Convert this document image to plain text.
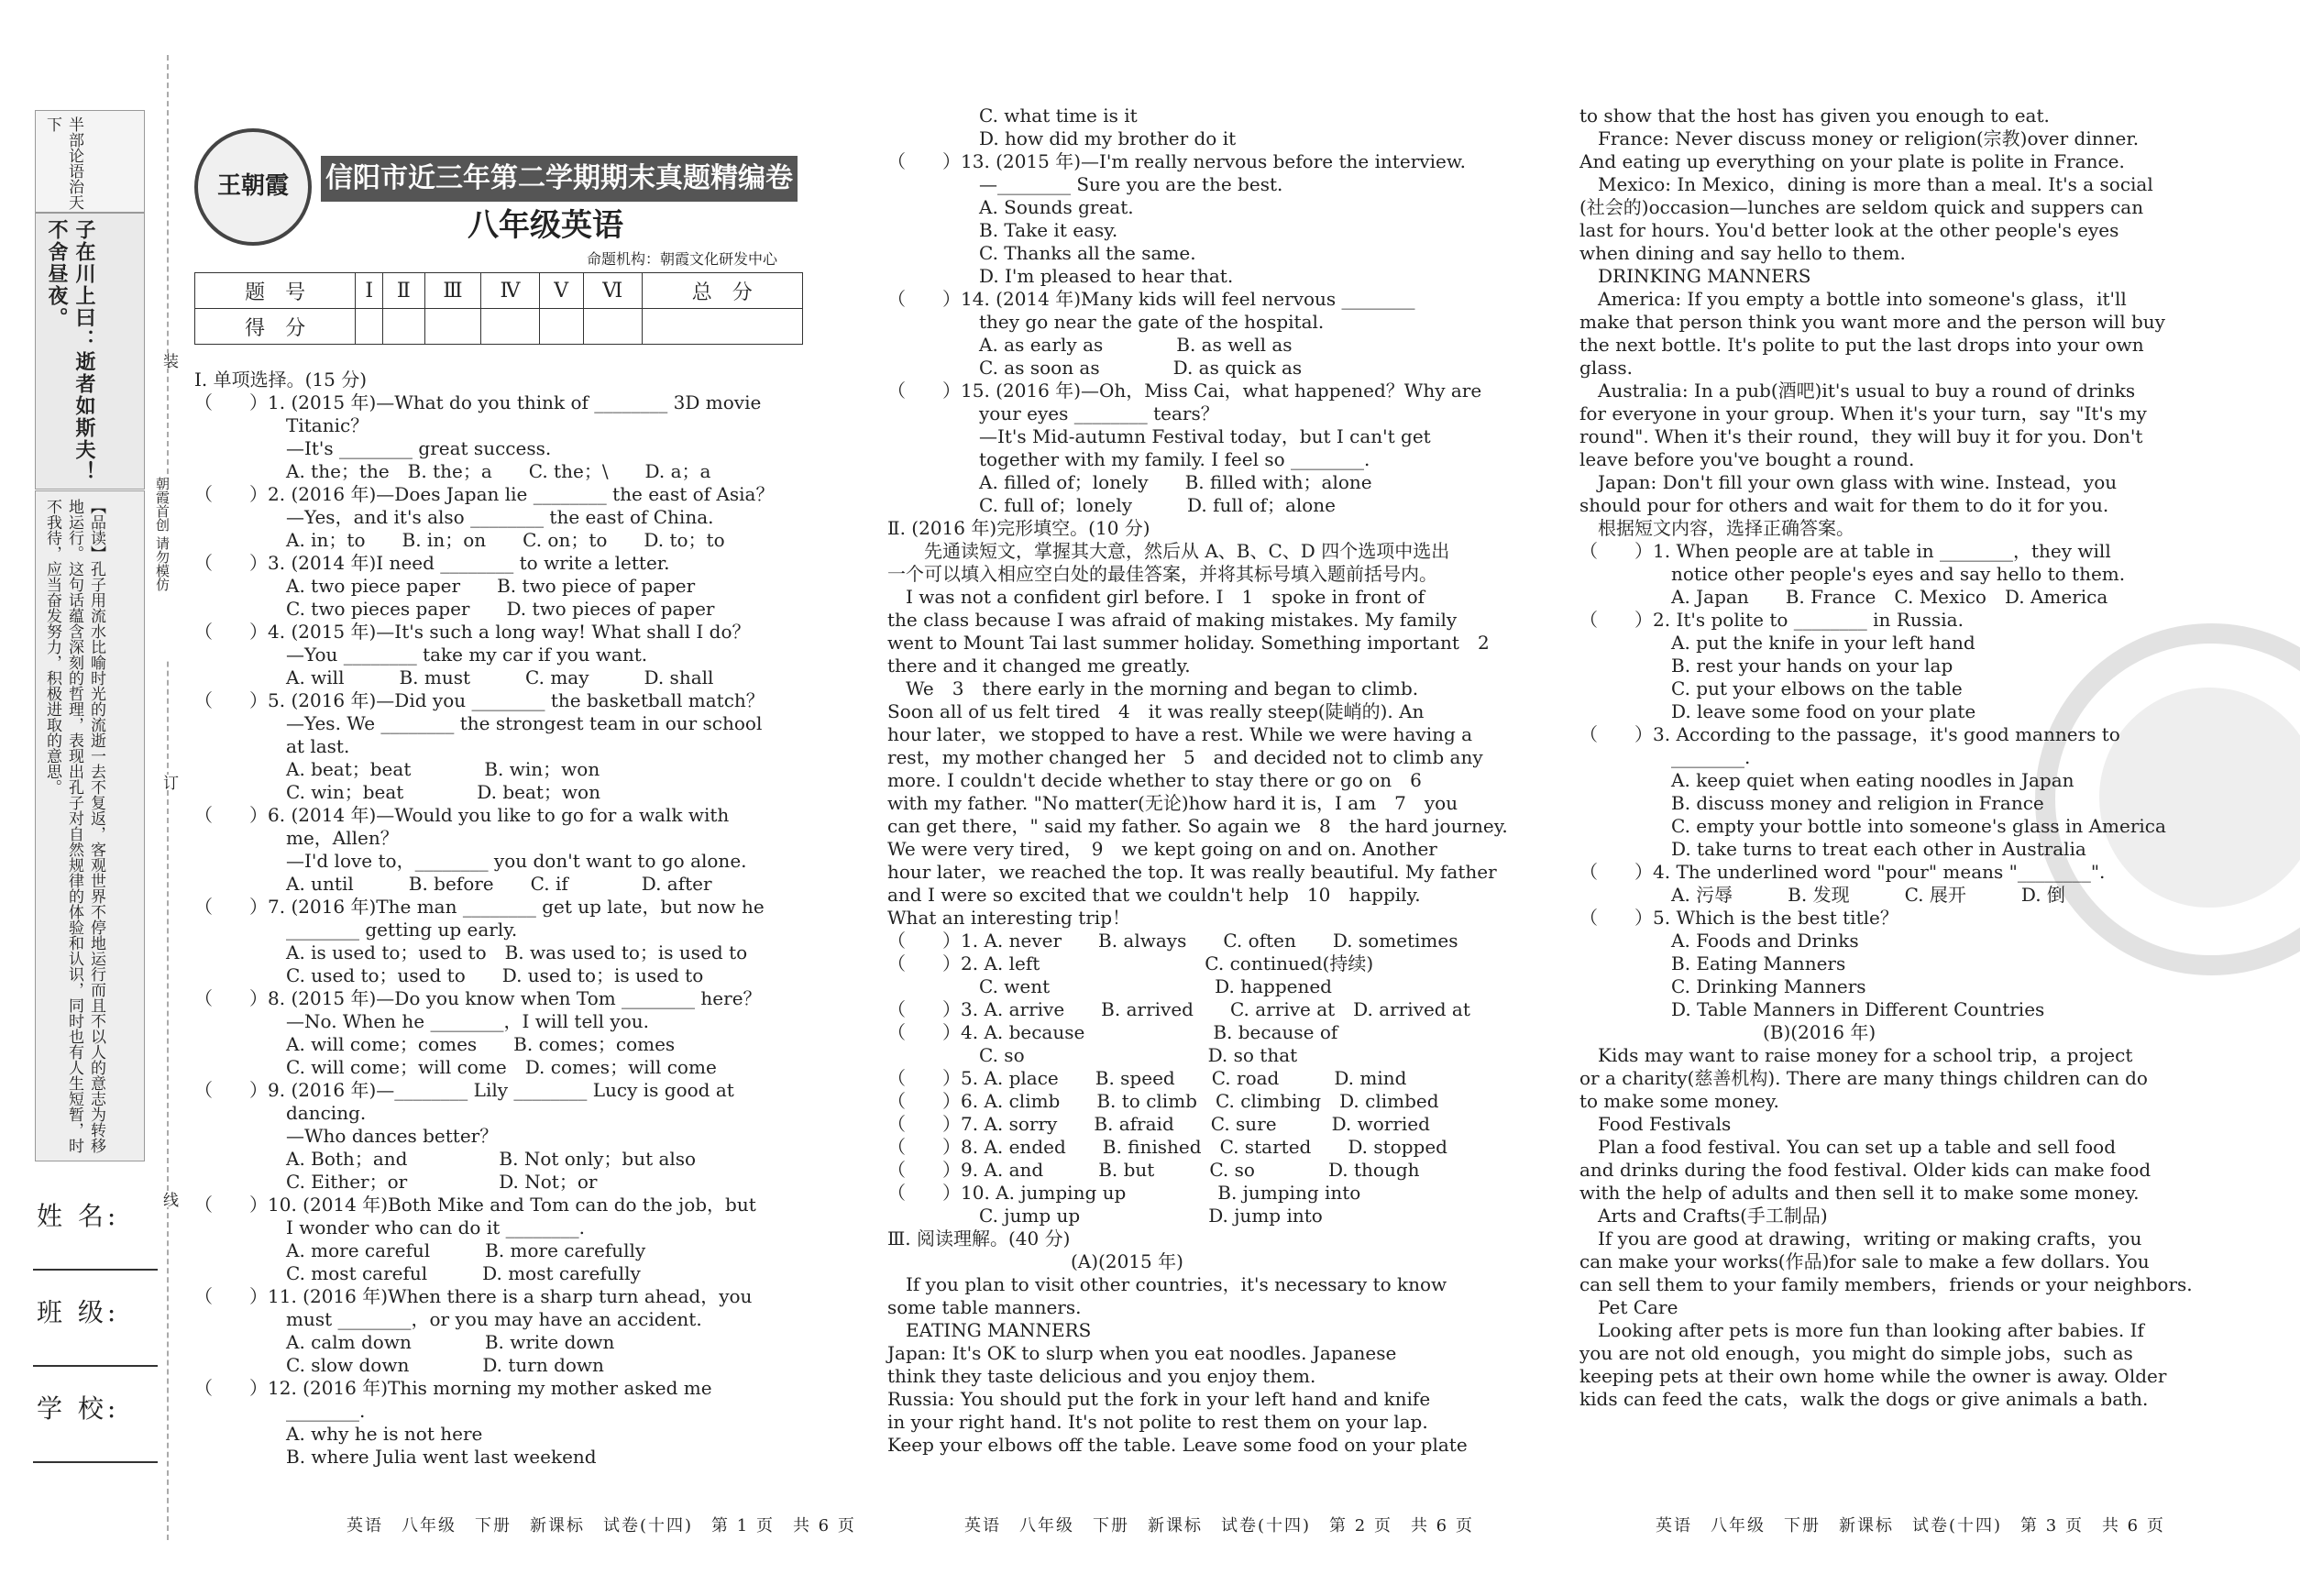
半部论语治天下
子在川上曰：逝者如斯夫！不舍昼夜。
【品读】孔子用流水比喻时光的流逝一去不复返，客观世界不停地运行而且不以人的意志为转移地运行。这句话蕴含深刻的哲理，表现出孔子对自然规律的体验和认识，同时也有人生短暂，时不我待，应当奋发努力，积极进取的意思。
姓 名:
班 级:
学 校:
装
朝霞首创 请勿模仿
订
线
王朝霞	信阳市近三年第二学期期末真题精编卷
八年级英语
命题机构：朝霞文化研发中心
题　号	Ⅰ	Ⅱ	Ⅲ	Ⅳ	Ⅴ	Ⅵ	总　分
得　分							

Ⅰ. 单项选择。(15 分)

（　　）1. (2015 年)—What do you think of ________ 3D movie

　　　　　Titanic？

　　　　　—It's ________ great success.

　　　　　A. the；the　B. the；a　　C. the；\　　D. a；a

（　　）2. (2016 年)—Does Japan lie ________ the east of Asia？

　　　　　—Yes，and it's also ________ the east of China.

　　　　　A. in；to　　B. in；on　　C. on；to　　D. to；to

（　　）3. (2014 年)I need ________ to write a letter.

　　　　　A. two piece paper　　B. two piece of paper

　　　　　C. two pieces paper　　D. two pieces of paper

（　　）4. (2015 年)—It's such a long way! What shall I do？

　　　　　—You ________ take my car if you want.

　　　　　A. will　　　B. must　　　C. may　　　D. shall

（　　）5. (2016 年)—Did you ________ the basketball match？

　　　　　—Yes. We ________ the strongest team in our school

　　　　　at last.

　　　　　A. beat；beat　　　　B. win；won

　　　　　C. win；beat　　　　D. beat；won

（　　）6. (2014 年)—Would you like to go for a walk with

　　　　　me，Allen？

　　　　　—I'd love to，________ you don't want to go alone.

　　　　　A. until　　　B. before　　C. if　　　　D. after

（　　）7. (2016 年)The man ________ get up late，but now he

　　　　　________ getting up early.

　　　　　A. is used to；used to　B. was used to；is used to

　　　　　C. used to；used to　　D. used to；is used to

（　　）8. (2015 年)—Do you know when Tom ________ here？

　　　　　—No. When he ________，I will tell you.

　　　　　A. will come；comes　　B. comes；comes

　　　　　C. will come；will come　D. comes；will come

（　　）9. (2016 年)—________ Lily ________ Lucy is good at

　　　　　dancing.

　　　　　—Who dances better？

　　　　　A. Both；and　　　　　B. Not only；but also

　　　　　C. Either；or　　　　　D. Not；or

（　　）10. (2014 年)Both Mike and Tom can do the job，but

　　　　　I wonder who can do it ________.

　　　　　A. more careful　　　B. more carefully

　　　　　C. most careful　　　D. most carefully

（　　）11. (2016 年)When there is a sharp turn ahead，you

　　　　　must ________，or you may have an accident.

　　　　　A. calm down　　　　B. write down

　　　　　C. slow down　　　　D. turn down

（　　）12. (2016 年)This morning my mother asked me

　　　　　________.

　　　　　A. why he is not here

　　　　　B. where Julia went last weekend

　　　　　C. what time is it

　　　　　D. how did my brother do it

（　　）13. (2015 年)—I'm really nervous before the interview.

　　　　　—________ Sure you are the best.

　　　　　A. Sounds great.

　　　　　B. Take it easy.

　　　　　C. Thanks all the same.

　　　　　D. I'm pleased to hear that.

（　　）14. (2014 年)Many kids will feel nervous ________

　　　　　they go near the gate of the hospital.

　　　　　A. as early as　　　　B. as well as

　　　　　C. as soon as　　　　D. as quick as

（　　）15. (2016 年)—Oh，Miss Cai，what happened？Why are

　　　　　your eyes ________ tears？

　　　　　—It's Mid-autumn Festival today，but I can't get

　　　　　together with my family. I feel so ________.

　　　　　A. filled of；lonely　　B. filled with；alone

　　　　　C. full of；lonely　　　D. full of；alone

Ⅱ. (2016 年)完形填空。(10 分)

　　先通读短文，掌握其大意，然后从 A、B、C、D 四个选项中选出

一个可以填入相应空白处的最佳答案，并将其标号填入题前括号内。

　I was not a confident girl before. I　1　spoke in front of

the class because I was afraid of making mistakes. My family

went to Mount Tai last summer holiday. Something important　2

there and it changed me greatly.

　We　3　there early in the morning and began to climb.

Soon all of us felt tired　4　it was really steep(陡峭的). An

hour later，we stopped to have a rest. While we were having a

rest，my mother changed her　5　and decided not to climb any

more. I couldn't decide whether to stay there or go on　6

with my father. "No matter(无论)how hard it is，I am　7　you

can get there，" said my father. So again we　8　the hard journey.

We were very tired，　9　we kept going on and on. Another

hour later，we reached the top. It was really beautiful. My father

and I were so excited that we couldn't help　10　happily.

What an interesting trip！

（　　）1. A. never　　B. always　　C. often　　D. sometimes

（　　）2. A. left　　　　　　　　　C. continued(持续)

　　　　　C. went　　　　　　　　　D. happened

（　　）3. A. arrive　　B. arrived　　C. arrive at　D. arrived at

（　　）4. A. because　　　　　　　B. because of

　　　　　C. so　　　　　　　　　　D. so that

（　　）5. A. place　　B. speed　　C. road　　　D. mind

（　　）6. A. climb　　B. to climb　C. climbing　D. climbed

（　　）7. A. sorry　　B. afraid　　C. sure　　　D. worried

（　　）8. A. ended　　B. finished　C. started　　D. stopped

（　　）9. A. and　　　B. but　　　C. so　　　　D. though

（　　）10. A. jumping up　　　　　B. jumping into

　　　　　C. jump up　　　　　　　D. jump into

Ⅲ. 阅读理解。(40 分)

　　　　　　　　　　(A)(2015 年)

　If you plan to visit other countries，it's necessary to know

some table manners.

　EATING MANNERS

Japan: It's OK to slurp when you eat noodles. Japanese

think they taste delicious and you enjoy them.

Russia: You should put the fork in your left hand and knife

in your right hand. It's not polite to rest them on your lap.

Keep your elbows off the table. Leave some food on your plate

to show that the host has given you enough to eat.

　France: Never discuss money or religion(宗教)over dinner.

And eating up everything on your plate is polite in France.

　Mexico: In Mexico，dining is more than a meal. It's a social

(社会的)occasion—lunches are seldom quick and suppers can

last for hours. You'd better look at the other people's eyes

when dining and say hello to them.

　DRINKING MANNERS

　America: If you empty a bottle into someone's glass，it'll

make that person think you want more and the person will buy

the next bottle. It's polite to put the last drops into your own

glass.

　Australia: In a pub(酒吧)it's usual to buy a round of drinks

for everyone in your group. When it's your turn，say "It's my

round". When it's their round，they will buy it for you. Don't

leave before you've bought a round.

　Japan: Don't fill your own glass with wine. Instead，you

should pour for others and wait for them to do it for you.

　根据短文内容，选择正确答案。

（　　）1. When people are at table in ________，they will

　　　　　notice other people's eyes and say hello to them.

　　　　　A. Japan　　B. France　C. Mexico　D. America

（　　）2. It's polite to ________ in Russia.

　　　　　A. put the knife in your left hand

　　　　　B. rest your hands on your lap

　　　　　C. put your elbows on the table

　　　　　D. leave some food on your plate

（　　）3. According to the passage，it's good manners to

　　　　　________.

　　　　　A. keep quiet when eating noodles in Japan

　　　　　B. discuss money and religion in France

　　　　　C. empty your bottle into someone's glass in America

　　　　　D. take turns to treat each other in Australia

（　　）4. The underlined word "pour" means "________".

　　　　　A. 污辱　　　B. 发现　　　C. 展开　　　D. 倒

（　　）5. Which is the best title？

　　　　　A. Foods and Drinks

　　　　　B. Eating Manners

　　　　　C. Drinking Manners

　　　　　D. Table Manners in Different Countries

　　　　　　　　　　(B)(2016 年)

　Kids may want to raise money for a school trip，a project

or a charity(慈善机构). There are many things children can do

to make some money.

　Food Festivals

　Plan a food festival. You can set up a table and sell food

and drinks during the food festival. Older kids can make food

with the help of adults and then sell it to make some money.

　Arts and Crafts(手工制品)

　If you are good at drawing，writing or making crafts，you

can make your works(作品)for sale to make a few dollars. You

can sell them to your family members，friends or your neighbors.

　Pet Care

　Looking after pets is more fun than looking after babies. If

you are not old enough，you might do simple jobs，such as

keeping pets at their own home while the owner is away. Older

kids can feed the cats，walk the dogs or give animals a bath.

英语　八年级　下册　新课标　试卷(十四)　第 1 页　共 6 页	英语　八年级　下册　新课标　试卷(十四)　第 2 页　共 6 页	英语　八年级　下册　新课标　试卷(十四)　第 3 页　共 6 页
